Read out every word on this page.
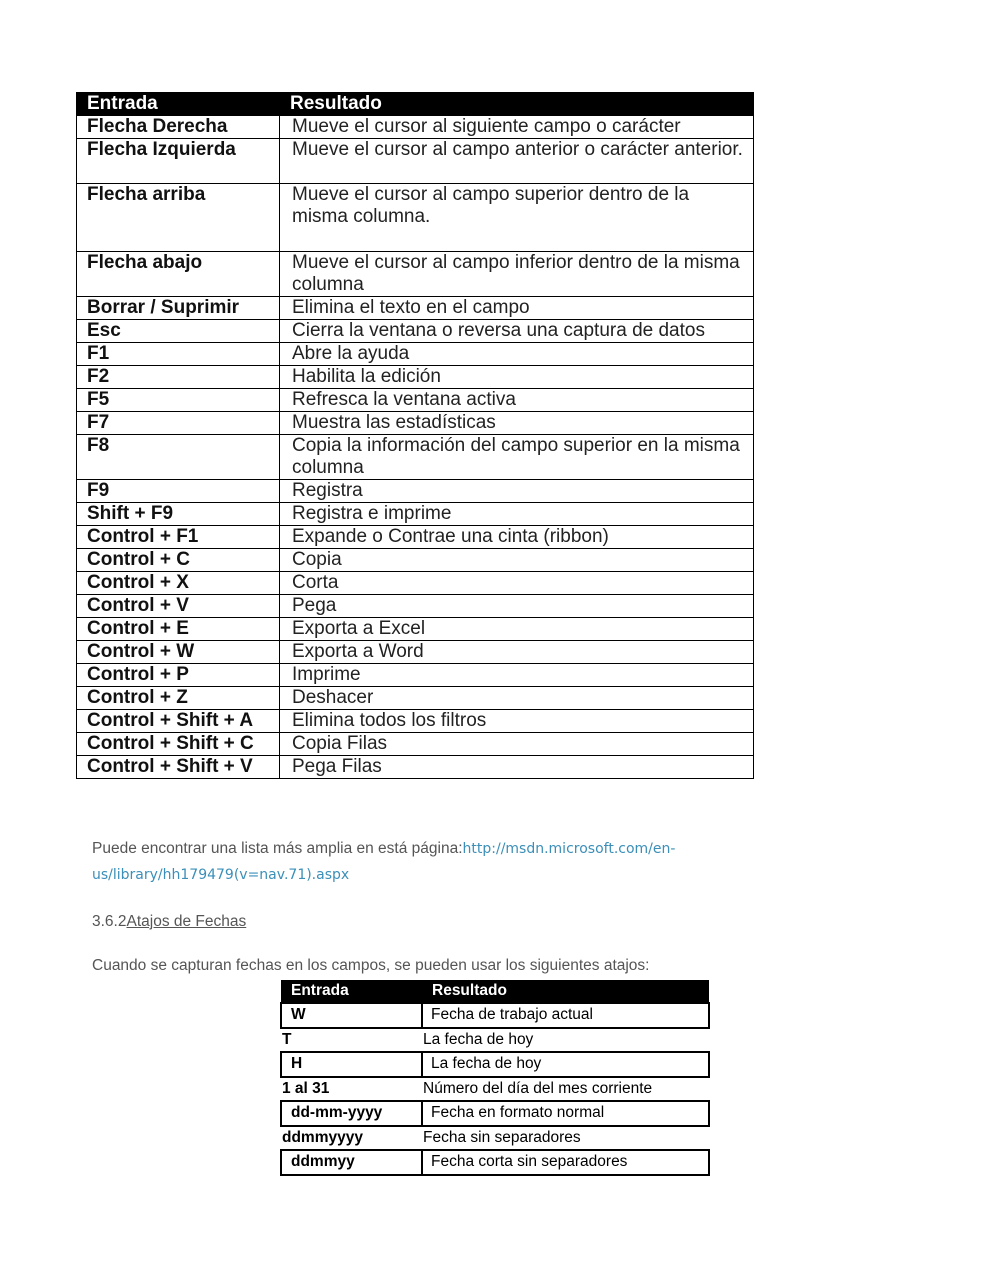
Entrada	Resultado
Flecha Derecha	Mueve el cursor al siguiente campo o carácter
Flecha Izquierda	Mueve el cursor al campo anterior o carácter anterior.
Flecha arriba	Mueve el cursor al campo superior dentro de la misma columna.
Flecha abajo	Mueve el cursor al campo inferior dentro de la misma columna
Borrar / Suprimir	Elimina el texto en el campo
Esc	Cierra la ventana o reversa una captura de datos
F1	Abre la ayuda
F2	Habilita la edición
F5	Refresca la ventana activa
F7	Muestra las estadísticas
F8	Copia la información del campo superior en la misma columna
F9	Registra
Shift + F9	Registra e imprime
Control + F1	Expande o Contrae una cinta (ribbon)
Control + C	Copia
Control + X	Corta
Control + V	Pega
Control + E	Exporta a Excel
Control + W	Exporta a Word
Control + P	Imprime
Control + Z	Deshacer
Control + Shift + A	Elimina todos los filtros
Control + Shift + C	Copia Filas
Control + Shift + V	Pega Filas
Puede encontrar una lista más amplia en está página:http://msdn.microsoft.com/en-
us/library/hh179479(v=nav.71).aspx
3.6.2Atajos de Fechas
Cuando se capturan fechas en los campos, se pueden usar los siguientes atajos:
Entrada	Resultado
W	Fecha de trabajo actual
T	La fecha de hoy
H	La fecha de hoy
1 al 31	Número del día del mes corriente
dd-mm-yyyy	Fecha en formato normal
ddmmyyyy	Fecha sin separadores
ddmmyy	Fecha corta sin separadores
